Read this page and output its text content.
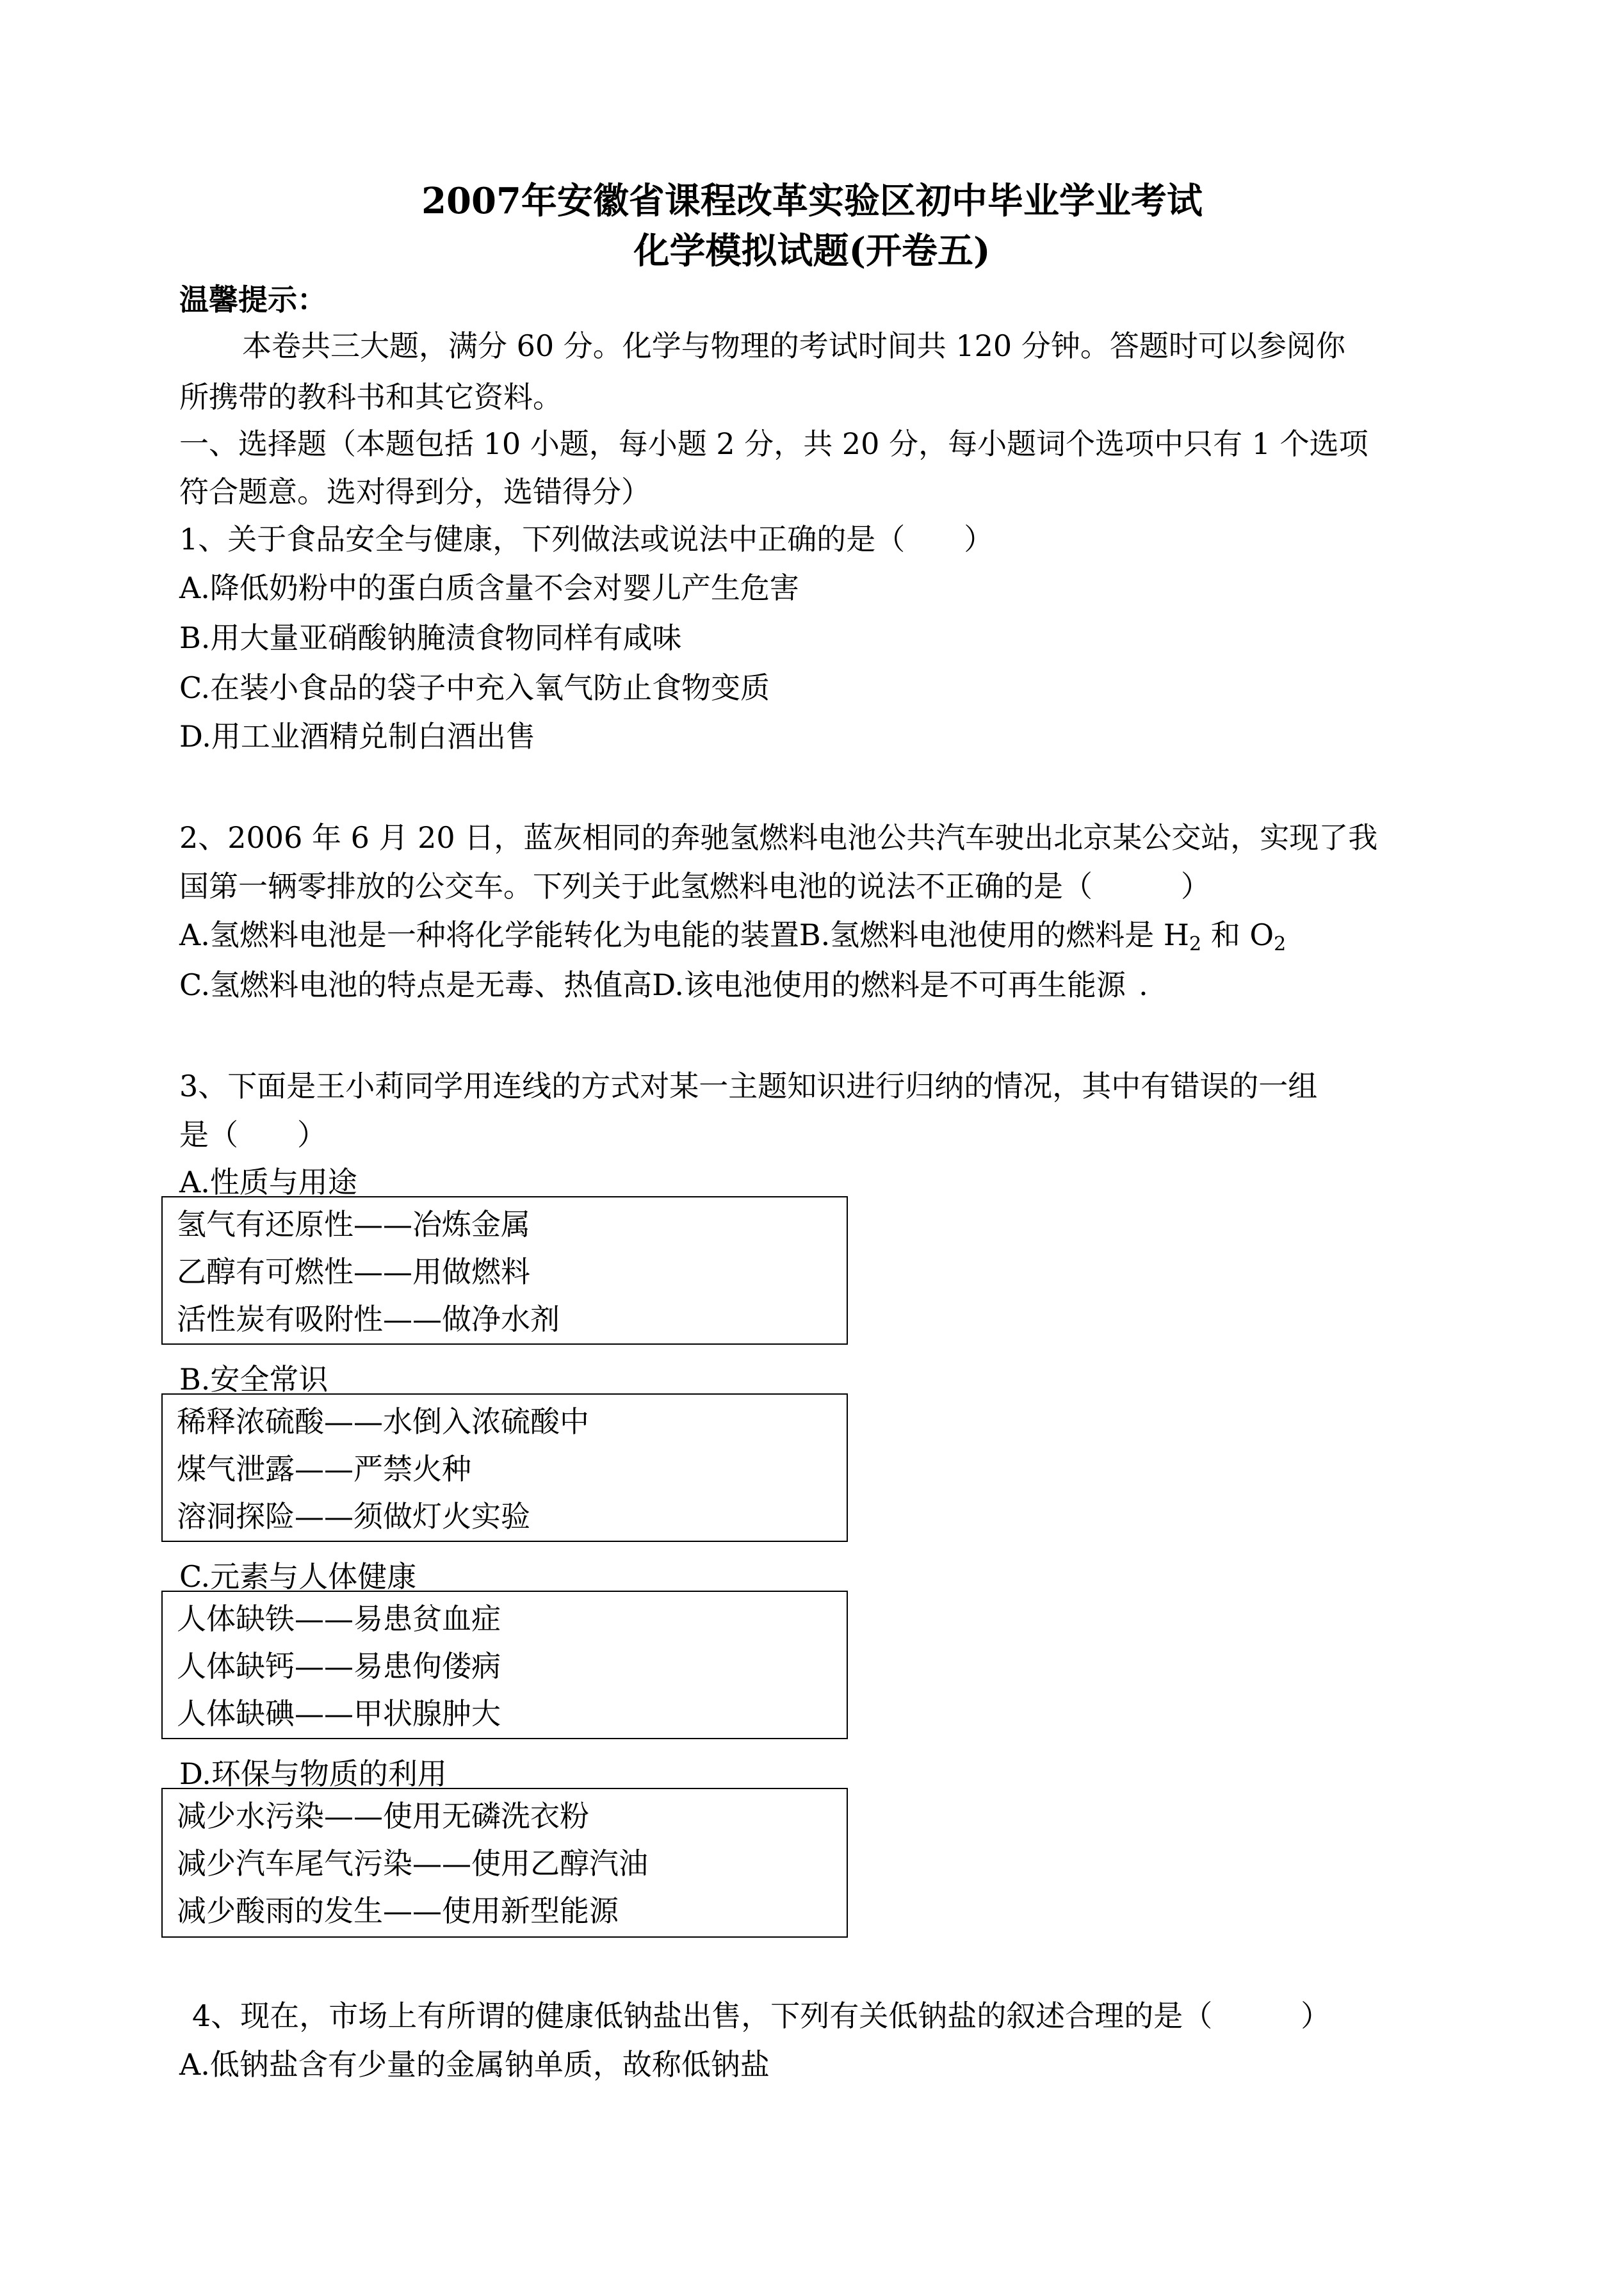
2007年安徽省课程改革实验区初中毕业学业考试
化学模拟试题(开卷五)
温馨提示：
本卷共三大题，满分 60 分。化学与物理的考试时间共 120 分钟。答题时可以参阅你
所携带的教科书和其它资料。
一、选择题（本题包括 10 小题，每小题 2 分，共 20 分，每小题词个选项中只有 1 个选项
符合题意。选对得到分，选错得分）
1、关于食品安全与健康，下列做法或说法中正确的是（　　）
A.降低奶粉中的蛋白质含量不会对婴儿产生危害
B.用大量亚硝酸钠腌渍食物同样有咸味
C.在装小食品的袋子中充入氧气防止食物变质
D.用工业酒精兑制白酒出售
2、2006 年 6 月 20 日，蓝灰相同的奔驰氢燃料电池公共汽车驶出北京某公交站，实现了我
国第一辆零排放的公交车。下列关于此氢燃料电池的说法不正确的是（　　　）
A.氢燃料电池是一种将化学能转化为电能的装置B.氢燃料电池使用的燃料是 $H_2$ 和 $O_2$
C.氢燃料电池的特点是无毒、热值高D.该电池使用的燃料是不可再生能源 .
3、下面是王小莉同学用连线的方式对某一主题知识进行归纳的情况，其中有错误的一组
是（　　）
A.性质与用途
氢气有还原性——冶炼金属
乙醇有可燃性——用做燃料
活性炭有吸附性——做净水剂
B.安全常识
稀释浓硫酸——水倒入浓硫酸中
煤气泄露——严禁火种
溶洞探险——须做灯火实验
C.元素与人体健康
人体缺铁——易患贫血症
人体缺钙——易患佝偻病
人体缺碘——甲状腺肿大
D.环保与物质的利用
减少水污染——使用无磷洗衣粉
减少汽车尾气污染——使用乙醇汽油
减少酸雨的发生——使用新型能源
4、现在，市场上有所谓的健康低钠盐出售，下列有关低钠盐的叙述合理的是（　　　）
A.低钠盐含有少量的金属钠单质，故称低钠盐
